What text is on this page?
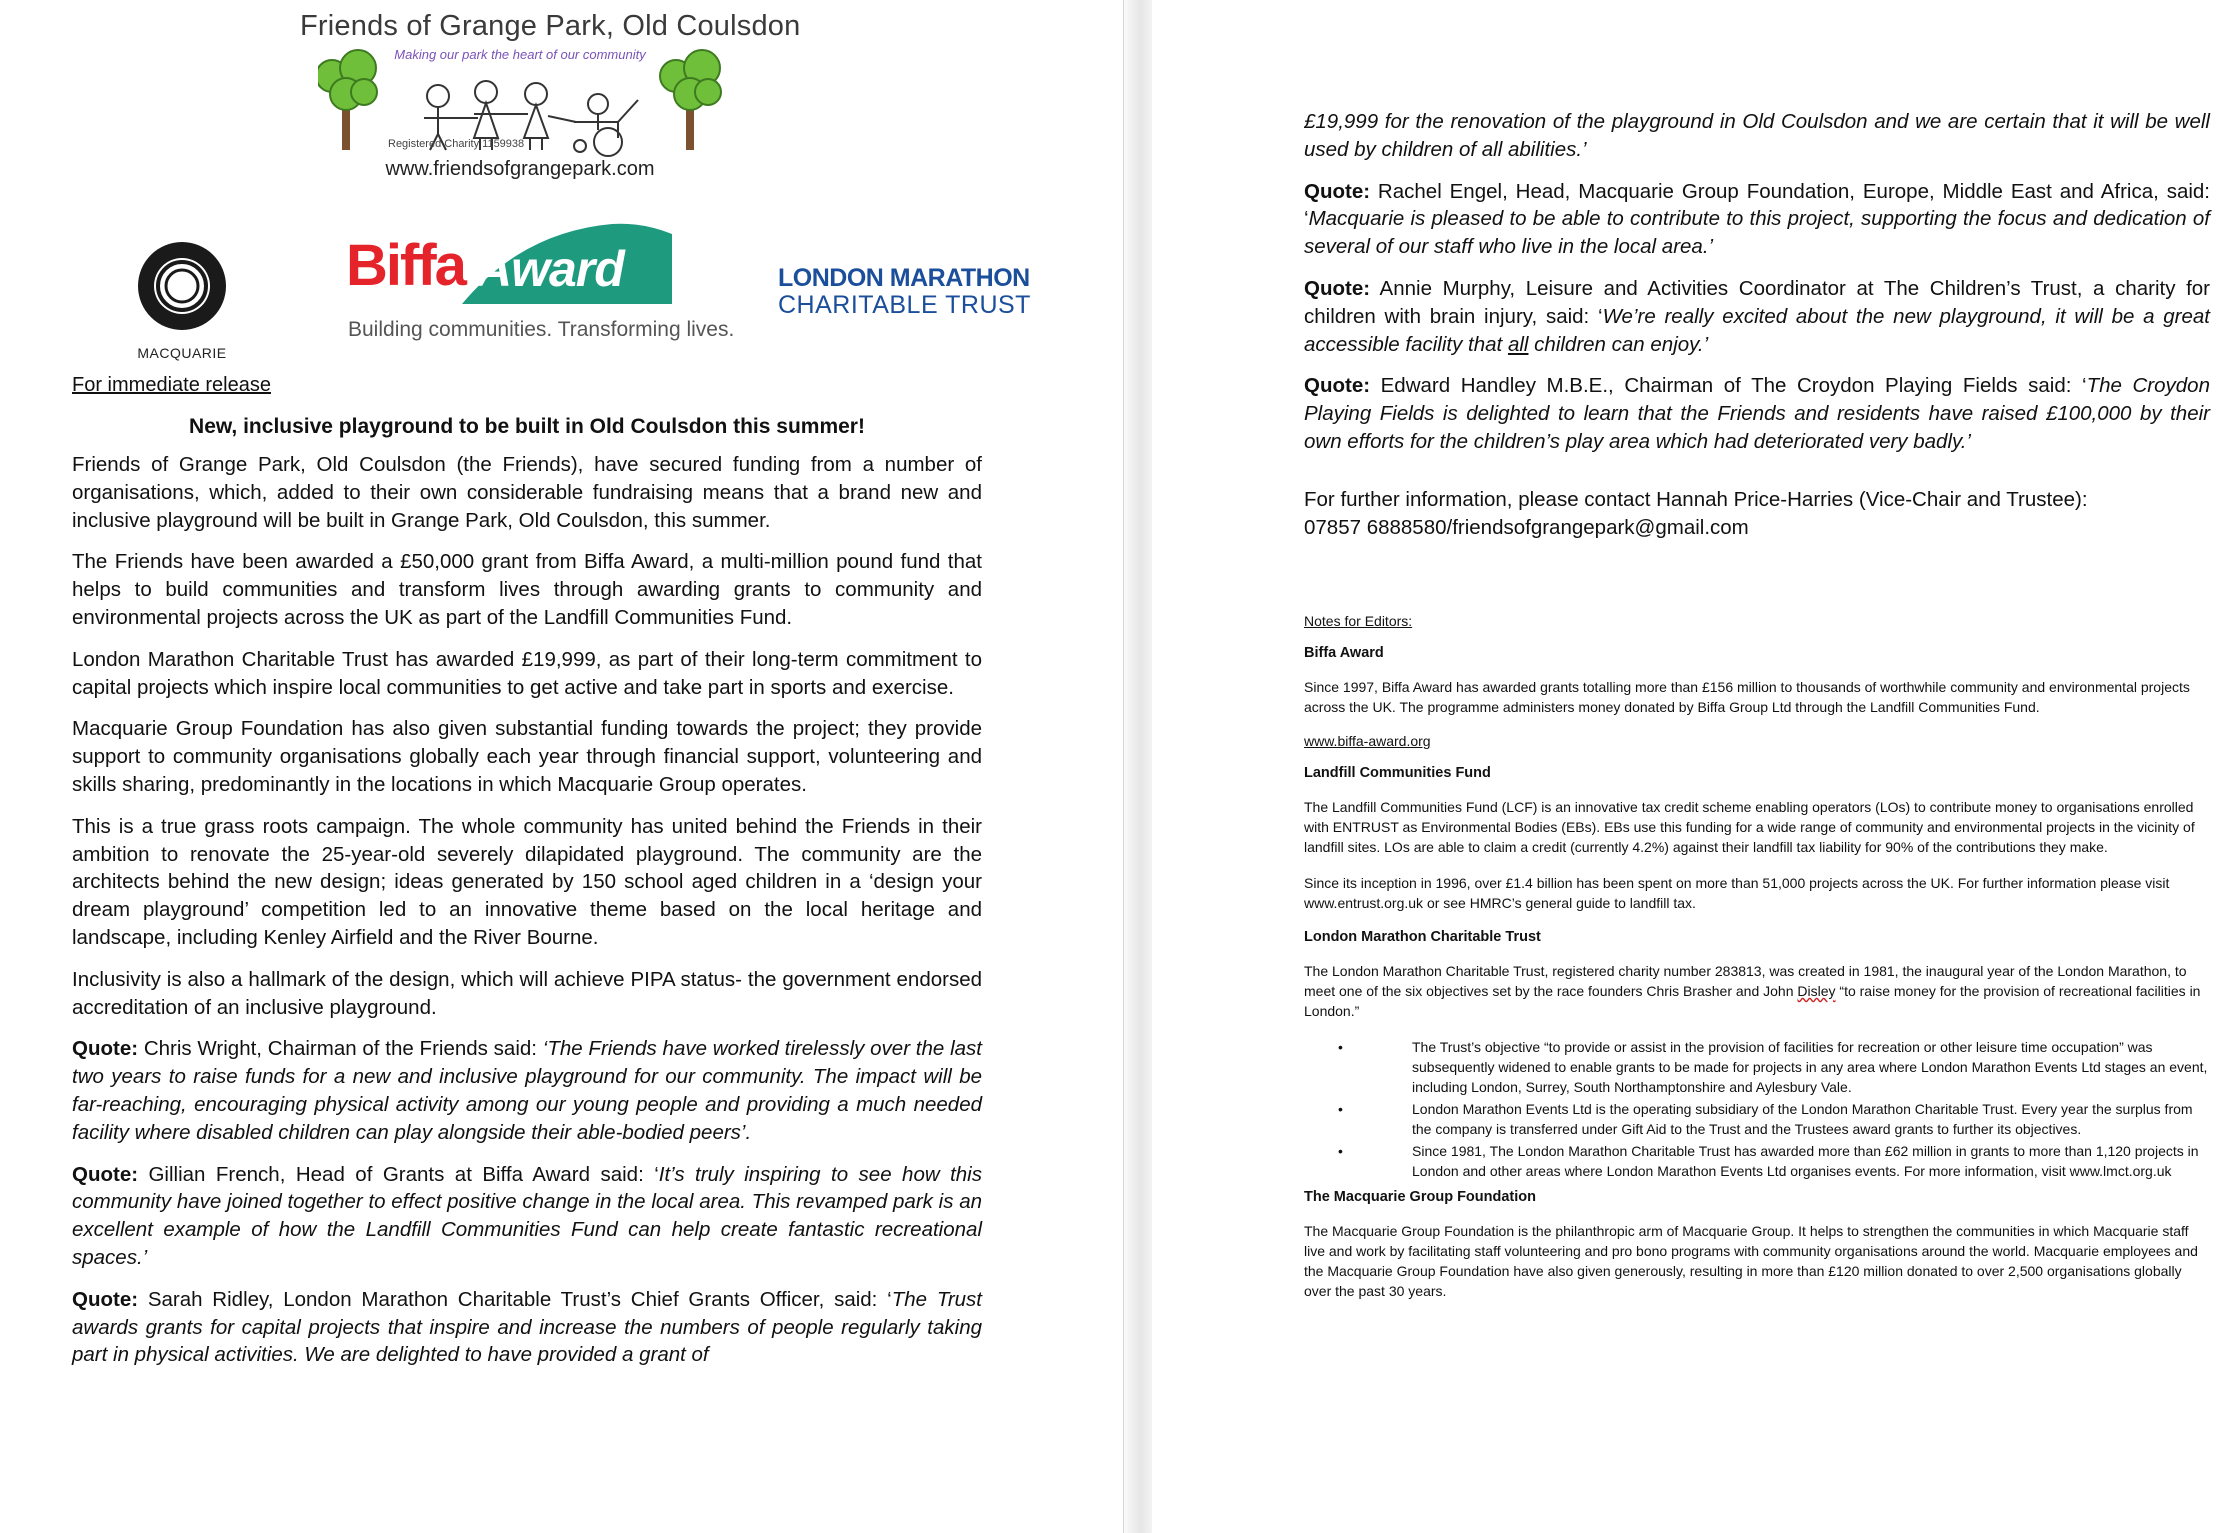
Friends of Grange Park, Old Coulsdon
Making our park the heart of our community
Registered Charity 1159938
www.friendsofgrangepark.com
MACQUARIE
Biffa Award
Building communities. Transforming lives.
LONDON MARATHON
CHARITABLE TRUST

For immediate release

New, inclusive playground to be built in Old Coulsdon this summer!

Friends of Grange Park, Old Coulsdon (the Friends), have secured funding from a number of organisations, which, added to their own considerable fundraising means that a brand new and inclusive playground will be built in Grange Park, Old Coulsdon, this summer.

The Friends have been awarded a £50,000 grant from Biffa Award, a multi-million pound fund that helps to build communities and transform lives through awarding grants to community and environmental projects across the UK as part of the Landfill Communities Fund.

London Marathon Charitable Trust has awarded £19,999, as part of their long-term commitment to capital projects which inspire local communities to get active and take part in sports and exercise.

Macquarie Group Foundation has also given substantial funding towards the project; they provide support to community organisations globally each year through financial support, volunteering and skills sharing, predominantly in the locations in which Macquarie Group operates.

This is a true grass roots campaign. The whole community has united behind the Friends in their ambition to renovate the 25-year-old severely dilapidated playground. The community are the architects behind the new design; ideas generated by 150 school aged children in a ‘design your dream playground’ competition led to an innovative theme based on the local heritage and landscape, including Kenley Airfield and the River Bourne.

Inclusivity is also a hallmark of the design, which will achieve PIPA status- the government endorsed accreditation of an inclusive playground.

Quote: Chris Wright, Chairman of the Friends said: ‘The Friends have worked tirelessly over the last two years to raise funds for a new and inclusive playground for our community. The impact will be far-reaching, encouraging physical activity among our young people and providing a much needed facility where disabled children can play alongside their able-bodied peers’.

Quote: Gillian French, Head of Grants at Biffa Award said: ‘It’s truly inspiring to see how this community have joined together to effect positive change in the local area. This revamped park is an excellent example of how the Landfill Communities Fund can help create fantastic recreational spaces.’

Quote: Sarah Ridley, London Marathon Charitable Trust’s Chief Grants Officer, said: ‘The Trust awards grants for capital projects that inspire and increase the numbers of people regularly taking part in physical activities. We are delighted to have provided a grant of

£19,999 for the renovation of the playground in Old Coulsdon and we are certain that it will be well used by children of all abilities.’

Quote: Rachel Engel, Head, Macquarie Group Foundation, Europe, Middle East and Africa, said: ‘Macquarie is pleased to be able to contribute to this project, supporting the focus and dedication of several of our staff who live in the local area.’

Quote: Annie Murphy, Leisure and Activities Coordinator at The Children’s Trust, a charity for children with brain injury, said: ‘We’re really excited about the new playground, it will be a great accessible facility that all children can enjoy.’

Quote: Edward Handley M.B.E., Chairman of The Croydon Playing Fields said: ‘The Croydon Playing Fields is delighted to learn that the Friends and residents have raised £100,000 by their own efforts for the children’s play area which had deteriorated very badly.’

For further information, please contact Hannah Price-Harries (Vice-Chair and Trustee):
07857 6888580/friendsofgrangepark@gmail.com

Notes for Editors:

Biffa Award

Since 1997, Biffa Award has awarded grants totalling more than £156 million to thousands of worthwhile community and environmental projects across the UK. The programme administers money donated by Biffa Group Ltd through the Landfill Communities Fund.

www.biffa-award.org

Landfill Communities Fund

The Landfill Communities Fund (LCF) is an innovative tax credit scheme enabling operators (LOs) to contribute money to organisations enrolled with ENTRUST as Environmental Bodies (EBs). EBs use this funding for a wide range of community and environmental projects in the vicinity of landfill sites. LOs are able to claim a credit (currently 4.2%) against their landfill tax liability for 90% of the contributions they make.

Since its inception in 1996, over £1.4 billion has been spent on more than 51,000 projects across the UK. For further information please visit www.entrust.org.uk or see HMRC’s general guide to landfill tax.

London Marathon Charitable Trust

The London Marathon Charitable Trust, registered charity number 283813, was created in 1981, the inaugural year of the London Marathon, to meet one of the six objectives set by the race founders Chris Brasher and John Disley “to raise money for the provision of recreational facilities in London.”

•	The Trust’s objective “to provide or assist in the provision of facilities for recreation or other leisure time occupation” was subsequently widened to enable grants to be made for projects in any area where London Marathon Events Ltd stages an event, including London, Surrey, South Northamptonshire and Aylesbury Vale.
•	London Marathon Events Ltd is the operating subsidiary of the London Marathon Charitable Trust. Every year the surplus from the company is transferred under Gift Aid to the Trust and the Trustees award grants to further its objectives.
•	Since 1981, The London Marathon Charitable Trust has awarded more than £62 million in grants to more than 1,120 projects in London and other areas where London Marathon Events Ltd organises events. For more information, visit www.lmct.org.uk

The Macquarie Group Foundation

The Macquarie Group Foundation is the philanthropic arm of Macquarie Group. It helps to strengthen the communities in which Macquarie staff live and work by facilitating staff volunteering and pro bono programs with community organisations around the world. Macquarie employees and the Macquarie Group Foundation have also given generously, resulting in more than £120 million donated to over 2,500 organisations globally over the past 30 years.
